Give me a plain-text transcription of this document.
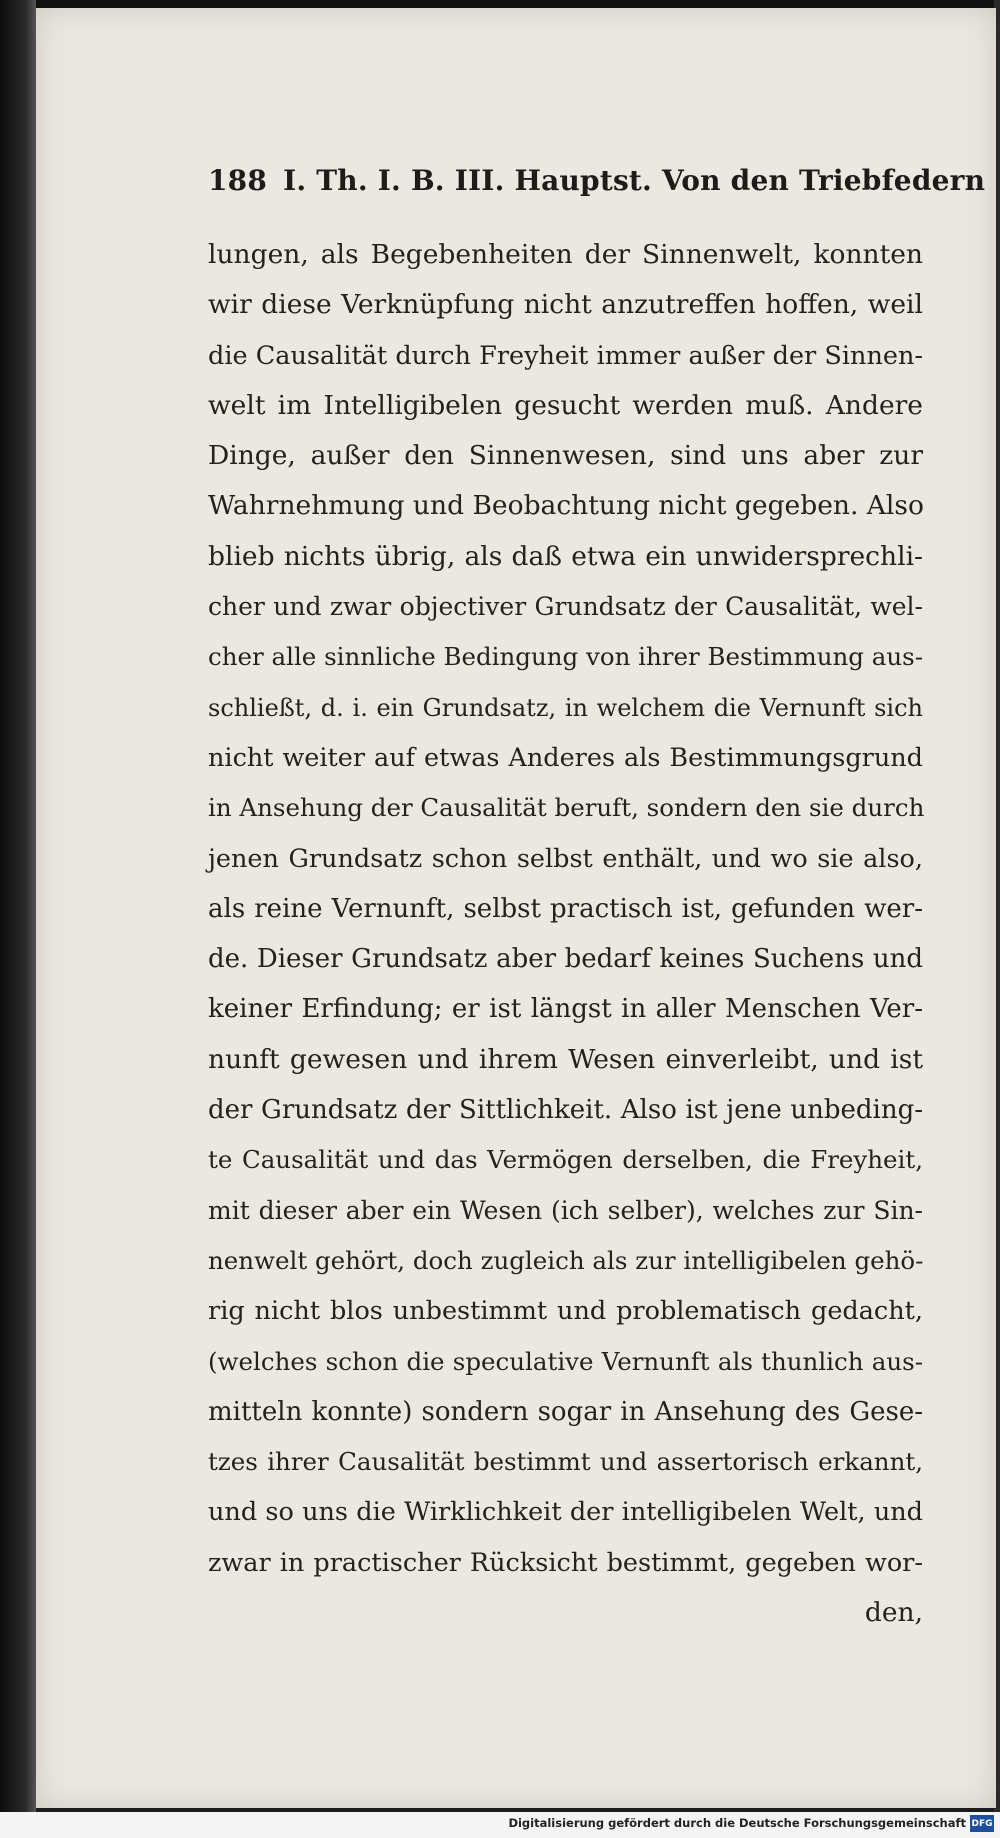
188 I. Th. I. B. III. Hauptst. Von den Triebfedern
lungen, als Begebenheiten der Sinnenwelt, konnten
wir diese Verknüpfung nicht anzutreffen hoffen, weil
die Causalität durch Freyheit immer außer der Sinnen-
welt im Intelligibelen gesucht werden muß. Andere
Dinge, außer den Sinnenwesen, sind uns aber zur
Wahrnehmung und Beobachtung nicht gegeben. Also
blieb nichts übrig, als daß etwa ein unwidersprechli-
cher und zwar objectiver Grundsatz der Causalität, wel-
cher alle sinnliche Bedingung von ihrer Bestimmung aus-
schließt, d. i. ein Grundsatz, in welchem die Vernunft sich
nicht weiter auf etwas Anderes als Bestimmungsgrund
in Ansehung der Causalität beruft, sondern den sie durch
jenen Grundsatz schon selbst enthält, und wo sie also,
als reine Vernunft, selbst practisch ist, gefunden wer-
de. Dieser Grundsatz aber bedarf keines Suchens und
keiner Erfindung; er ist längst in aller Menschen Ver-
nunft gewesen und ihrem Wesen einverleibt, und ist
der Grundsatz der Sittlichkeit. Also ist jene unbeding-
te Causalität und das Vermögen derselben, die Freyheit,
mit dieser aber ein Wesen (ich selber), welches zur Sin-
nenwelt gehört, doch zugleich als zur intelligibelen gehö-
rig nicht blos unbestimmt und problematisch gedacht,
(welches schon die speculative Vernunft als thunlich aus-
mitteln konnte) sondern sogar in Ansehung des Gese-
tzes ihrer Causalität bestimmt und assertorisch erkannt,
und so uns die Wirklichkeit der intelligibelen Welt, und
zwar in practischer Rücksicht bestimmt, gegeben wor-
den,
Digitalisierung gefördert durch die Deutsche Forschungsgemeinschaft DFG
